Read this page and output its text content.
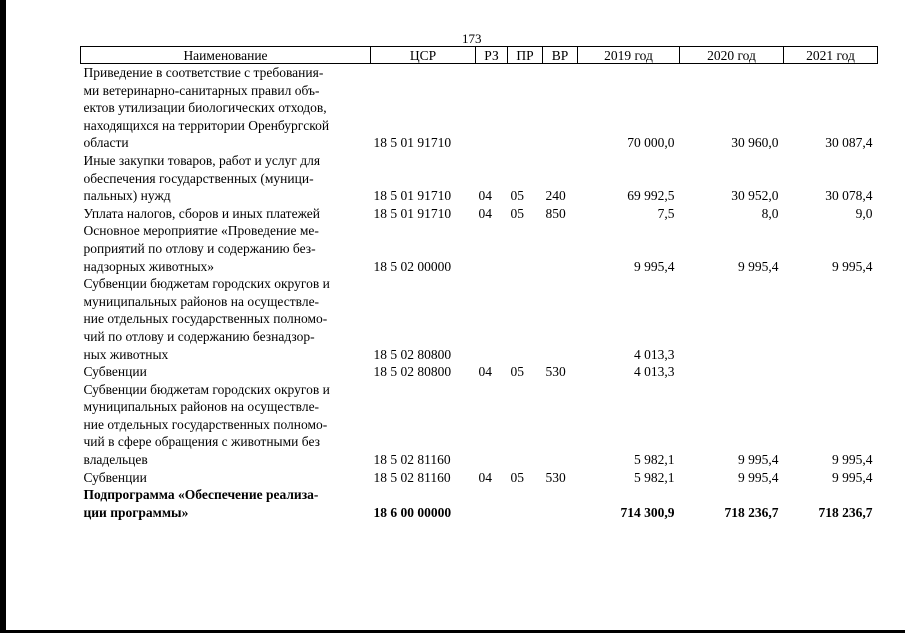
173
Наименование	ЦСР	РЗ	ПР	ВР	2019 год	2020 год	2021 год

Приведение в соответствие с требования-
ми ветеринарно-санитарных правил объ-
ектов утилизации биологических отходов,
находящихся на территории Оренбургской
области	18 5 01 91710				70 000,0	30 960,0	30 087,4

Иные закупки товаров, работ и услуг для
обеспечения государственных (муници-
пальных) нужд	18 5 01 91710	04	05	240	69 992,5	30 952,0	30 078,4

Уплата налогов, сборов и иных платежей	18 5 01 91710	04	05	850	7,5	8,0	9,0

Основное мероприятие «Проведение ме-
роприятий по отлову и содержанию без-
надзорных животных»	18 5 02 00000				9 995,4	9 995,4	9 995,4

Субвенции бюджетам городских округов и
муниципальных районов на осуществле-
ние отдельных государственных полномо-
чий по отлову и содержанию безнадзор-
ных животных	18 5 02 80800				4 013,3		

Субвенции	18 5 02 80800	04	05	530	4 013,3		

Субвенции бюджетам городских округов и
муниципальных районов на осуществле-
ние отдельных государственных полномо-
чий в сфере обращения с животными без
владельцев	18 5 02 81160				5 982,1	9 995,4	9 995,4

Субвенции	18 5 02 81160	04	05	530	5 982,1	9 995,4	9 995,4

Подпрограмма «Обеспечение реализа-
ции программы»	18 6 00 00000				714 300,9	718 236,7	718 236,7
